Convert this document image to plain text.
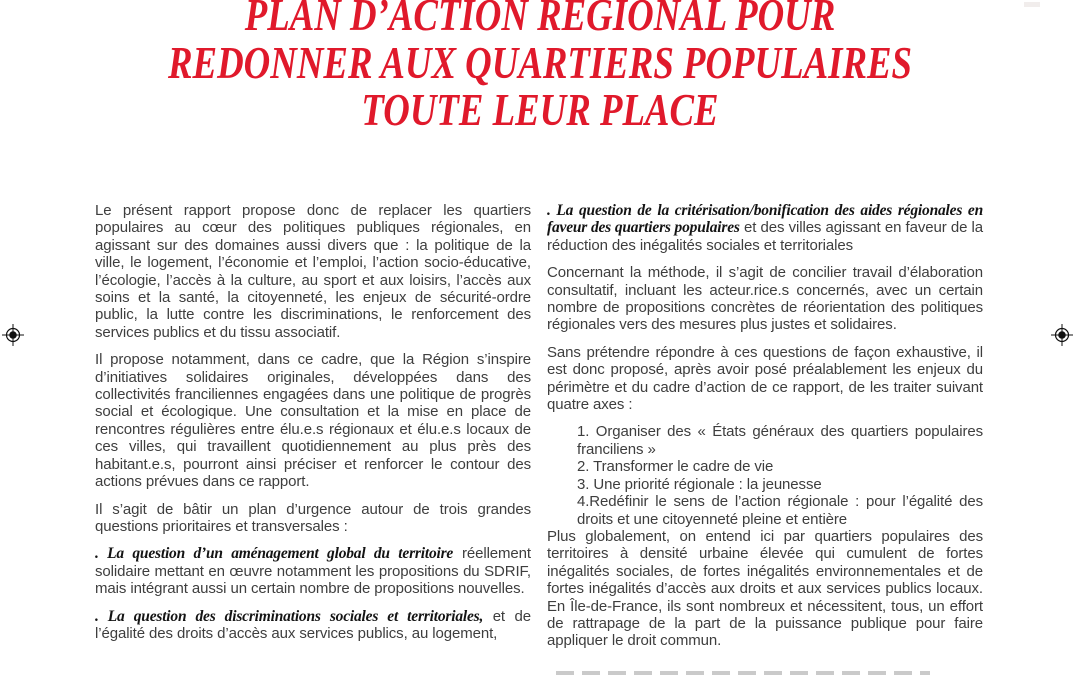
PLAN D’ACTION REGIONAL POUR
REDONNER AUX QUARTIERS POPULAIRES
TOUTE LEUR PLACE

Le présent rapport propose donc de replacer les quartiers populaires au cœur des politiques publiques régionales, en agissant sur des domaines aussi divers que : la politique de la ville, le logement, l’économie et l’emploi, l’action socio-éducative, l’écologie, l’accès à la culture, au sport et aux loisirs, l’accès aux soins et la santé, la citoyenneté, les enjeux de sécurité-ordre public, la lutte contre les discriminations, le renforcement des services publics et du tissu associatif.

Il propose notamment, dans ce cadre, que la Région s’inspire d’initiatives solidaires originales, développées dans des collectivités franciliennes engagées dans une politique de progrès social et écologique. Une consultation et la mise en place de rencontres régulières entre élu.e.s régionaux et élu.e.s locaux de ces villes, qui travaillent quotidiennement au plus près des habitant.e.s, pourront ainsi préciser et renforcer le contour des actions prévues dans ce rapport.

Il s’agit de bâtir un plan d’urgence autour de trois grandes questions prioritaires et transversales :

. La question d’un aménagement global du territoire réellement solidaire mettant en œuvre notamment les propositions du SDRIF, mais intégrant aussi un certain nombre de propositions nouvelles.

. La question des discriminations sociales et territoriales, et de l’égalité des droits d’accès aux services publics, au logement,

. La question de la critérisation/bonification des aides régionales en faveur des quartiers populaires et des villes agissant en faveur de la réduction des inégalités sociales et territoriales

Concernant la méthode, il s’agit de concilier travail d’élaboration consultatif, incluant les acteur.rice.s concernés, avec un certain nombre de propositions concrètes de réorientation des politiques régionales vers des mesures plus justes et solidaires.

Sans prétendre répondre à ces questions de façon exhaustive, il est donc proposé, après avoir posé préalablement les enjeux du périmètre et du cadre d’action de ce rapport, de les traiter suivant quatre axes :

1. Organiser des « États généraux des quartiers populaires franciliens »
2. Transformer le cadre de vie
3. Une priorité régionale : la jeunesse
4.Redéfinir le sens de l’action régionale : pour l’égalité des droits et une citoyenneté pleine et entière

Plus globalement, on entend ici par quartiers populaires des territoires à densité urbaine élevée qui cumulent de fortes inégalités sociales, de fortes inégalités environnementales et de fortes inégalités d’accès aux droits et aux services publics locaux. En Île-de-France, ils sont nombreux et nécessitent, tous, un effort de rattrapage de la part de la puissance publique pour faire appliquer le droit commun.
